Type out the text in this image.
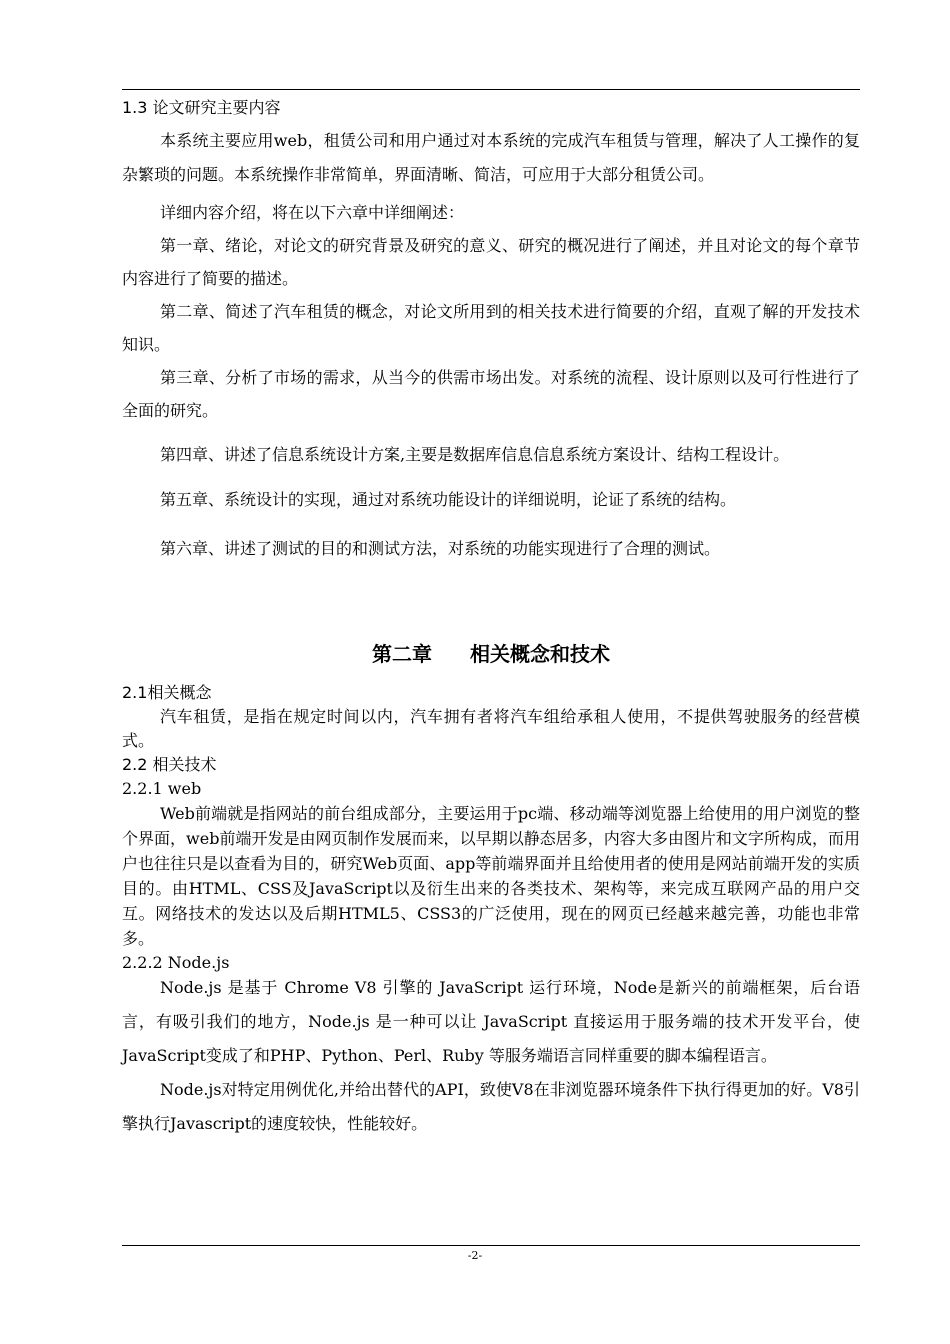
1.3 论文研究主要内容

本系统主要应用web，租赁公司和用户通过对本系统的完成汽车租赁与管理，解决了人工操作的复杂繁琐的问题。本系统操作非常简单，界面清晰、简洁，可应用于大部分租赁公司。

详细内容介绍，将在以下六章中详细阐述：

第一章、绪论，对论文的研究背景及研究的意义、研究的概况进行了阐述，并且对论文的每个章节内容进行了简要的描述。

第二章、简述了汽车租赁的概念，对论文所用到的相关技术进行简要的介绍，直观了解的开发技术知识。

第三章、分析了市场的需求，从当今的供需市场出发。对系统的流程、设计原则以及可行性进行了全面的研究。

第四章、讲述了信息系统设计方案,主要是数据库信息信息系统方案设计、结构工程设计。

第五章、系统设计的实现，通过对系统功能设计的详细说明，论证了系统的结构。

第六章、讲述了测试的目的和测试方法，对系统的功能实现进行了合理的测试。

第二章 相关概念和技术
2.1相关概念

汽车租赁，是指在规定时间以内，汽车拥有者将汽车组给承租人使用，不提供驾驶服务的经营模式。

2.2 相关技术
2.2.1 web

Web前端就是指网站的前台组成部分，主要运用于pc端、移动端等浏览器上给使用的用户浏览的整个界面，web前端开发是由网页制作发展而来，以早期以静态居多，内容大多由图片和文字所构成，而用户也往往只是以查看为目的，研究Web页面、app等前端界面并且给使用者的使用是网站前端开发的实质目的。由HTML、CSS及JavaScript以及衍生出来的各类技术、架构等，来完成互联网产品的用户交互。网络技术的发达以及后期HTML5、CSS3的广泛使用，现在的网页已经越来越完善，功能也非常多。

2.2.2 Node.js

Node.js 是基于 Chrome V8 引擎的 JavaScript 运行环境，Node是新兴的前端框架，后台语言，有吸引我们的地方，Node.js 是一种可以让 JavaScript 直接运用于服务端的技术开发平台，使JavaScript变成了和PHP、Python、Perl、Ruby 等服务端语言同样重要的脚本编程语言。

Node.js对特定用例优化,并给出替代的API，致使V8在非浏览器环境条件下执行得更加的好。V8引擎执行Javascript的速度较快，性能较好。

-2-
